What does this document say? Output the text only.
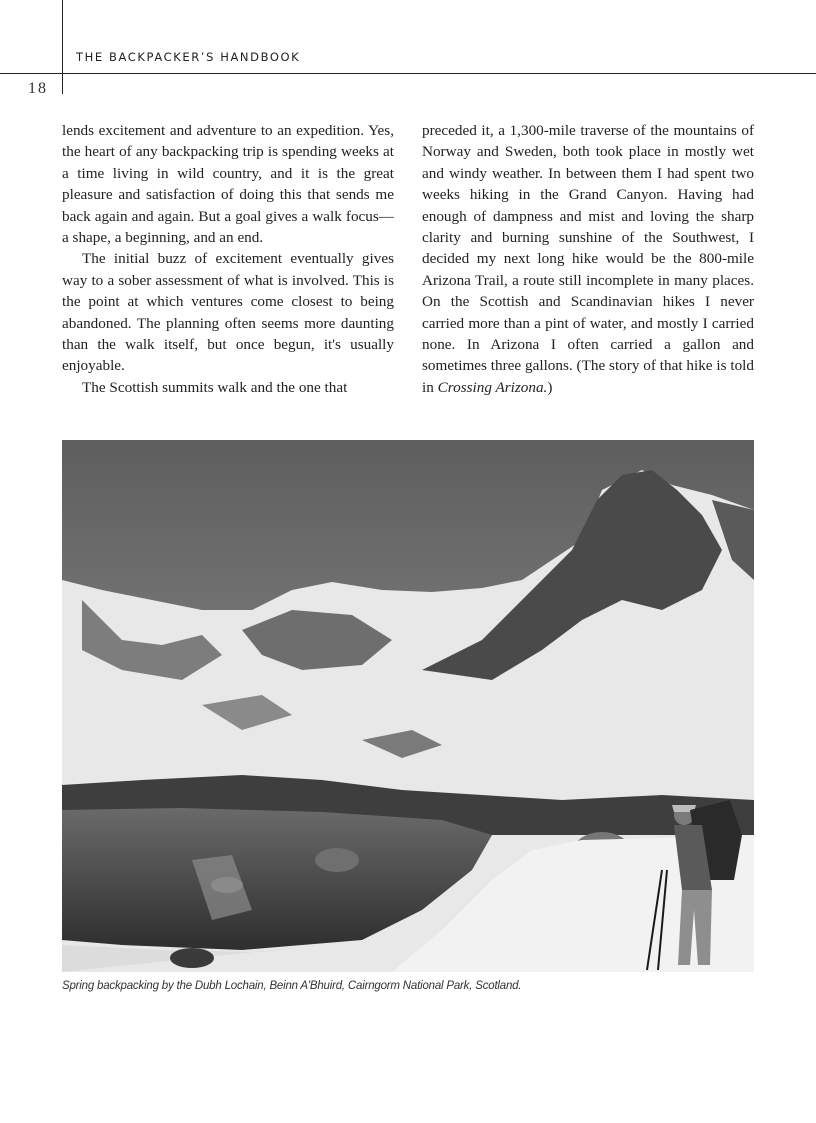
THE BACKPACKER’S HANDBOOK
18

lends excitement and adventure to an expedition. Yes, the heart of any backpacking trip is spending weeks at a time living in wild country, and it is the great pleasure and satisfaction of doing this that sends me back again and again. But a goal gives a walk focus—a shape, a beginning, and an end.

The initial buzz of excitement eventually gives way to a sober assessment of what is involved. This is the point at which ventures come closest to being abandoned. The planning often seems more daunting than the walk itself, but once begun, it's usually enjoyable.

The Scottish summits walk and the one that

preceded it, a 1,300-mile traverse of the mountains of Norway and Sweden, both took place in mostly wet and windy weather. In between them I had spent two weeks hiking in the Grand Canyon. Having had enough of dampness and mist and loving the sharp clarity and burning sunshine of the Southwest, I decided my next long hike would be the 800-mile Arizona Trail, a route still incomplete in many places. On the Scottish and Scandinavian hikes I never carried more than a pint of water, and mostly I carried none. In Arizona I often carried a gallon and sometimes three gallons. (The story of that hike is told in Crossing Arizona.)

Spring backpacking by the Dubh Lochain, Beinn A'Bhuird, Cairngorm National Park, Scotland.
